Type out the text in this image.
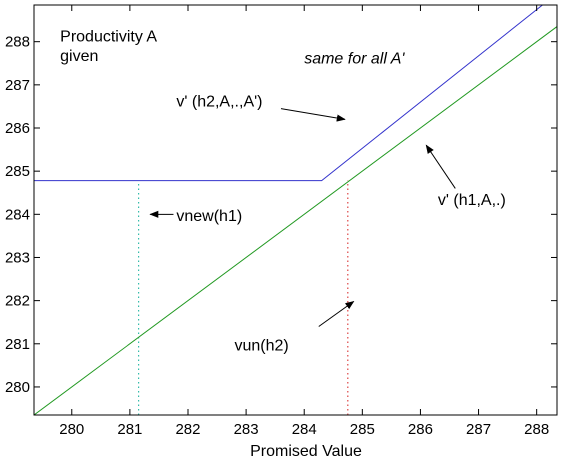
280 281 282 283 284 285 286 287 288
280
281
282
283
284
285
286
287
288 Productivity A
given	same for all A'
v' (h2,A,.,A')
v' (h1,A,.)
vnew(h1)
vun(h2)
Promised Value
